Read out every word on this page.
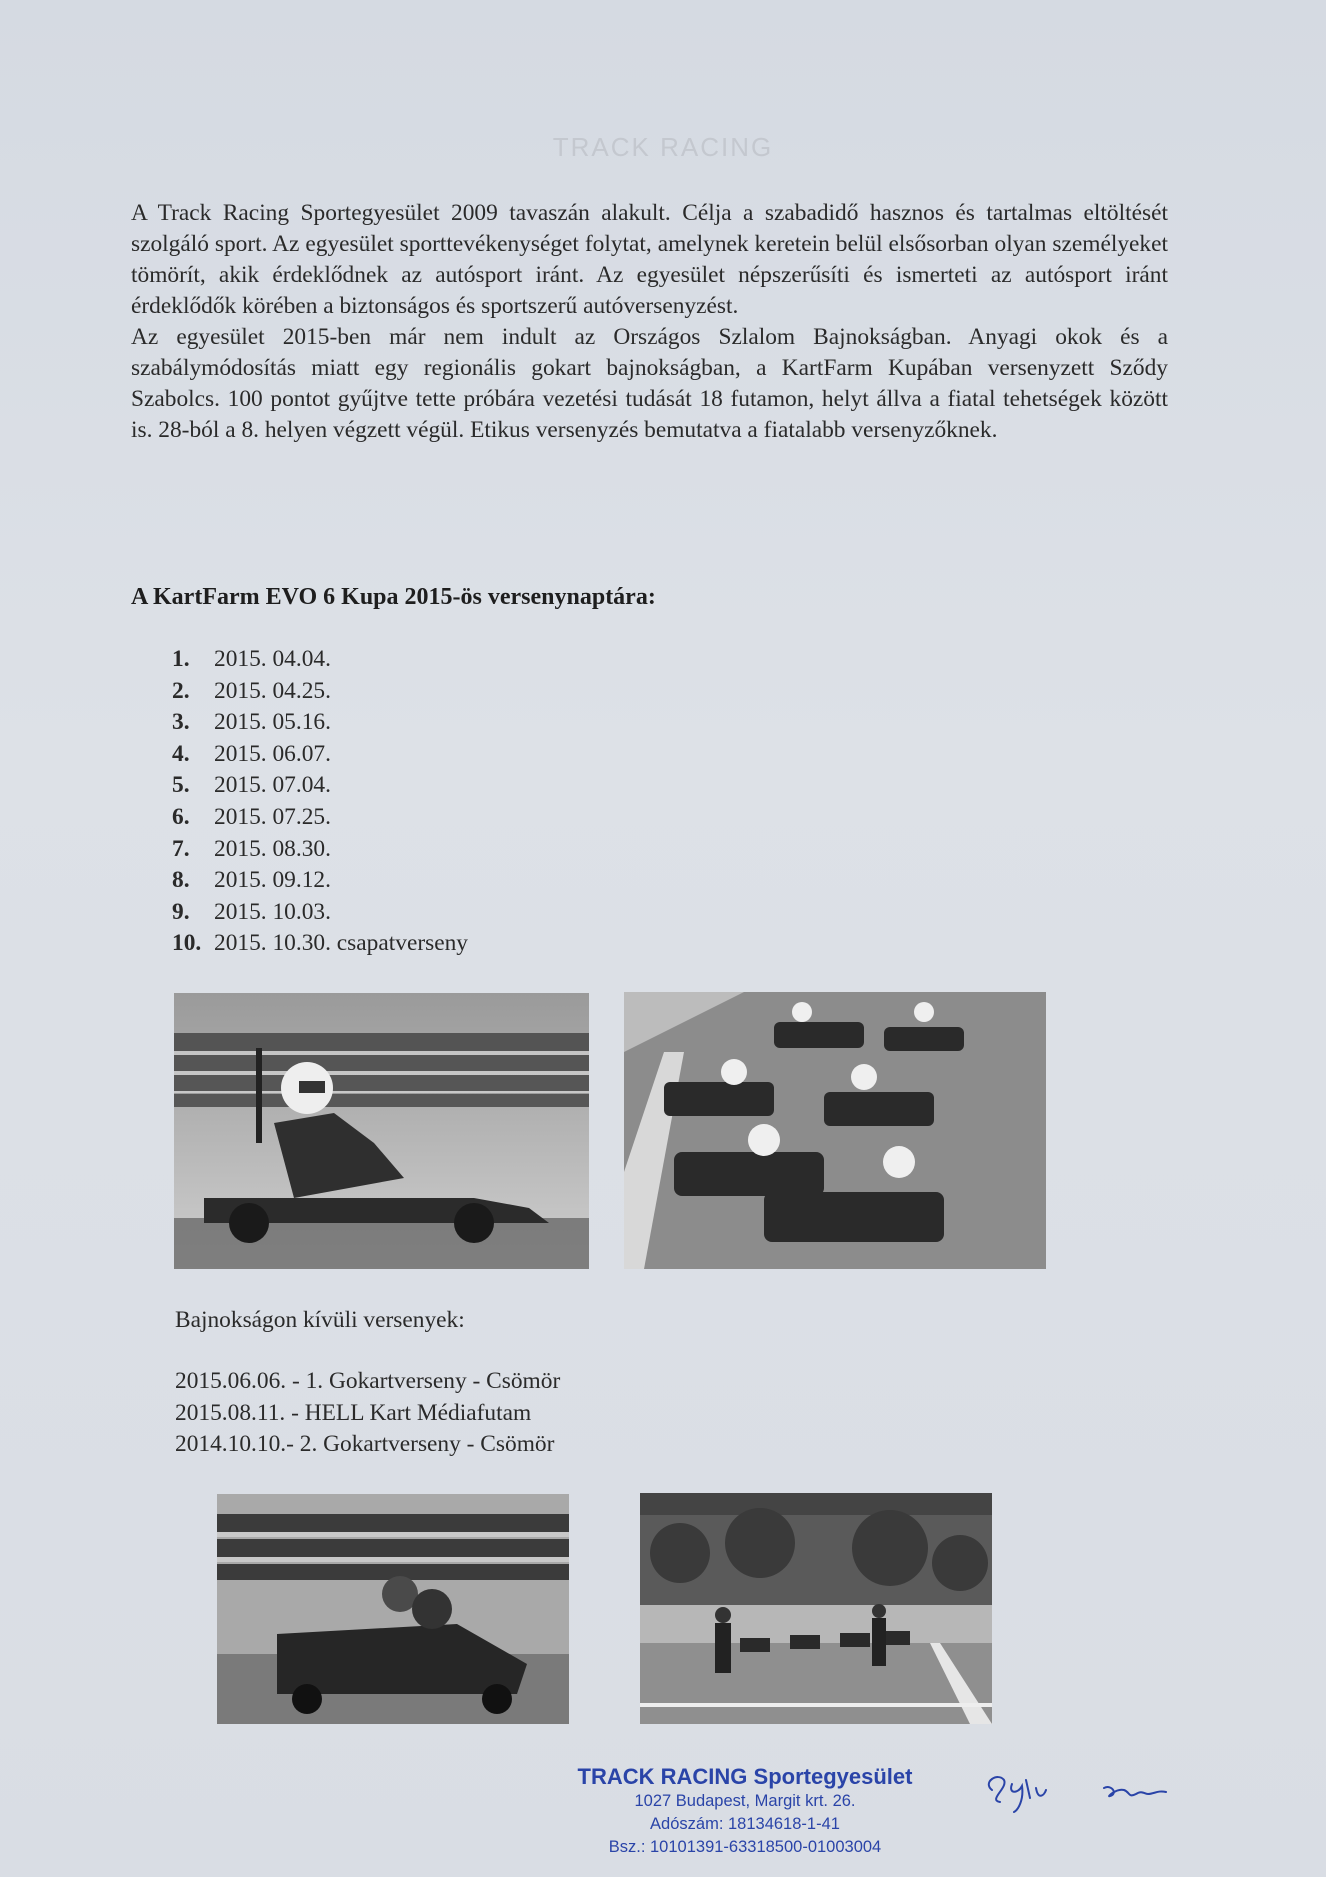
TRACK RACING

A Track Racing Sportegyesület 2009 tavaszán alakult. Célja a szabadidő hasznos és tartalmas eltöltését szolgáló sport. Az egyesület sporttevékenységet folytat, amelynek keretein belül elsősorban olyan személyeket tömörít, akik érdeklődnek az autósport iránt. Az egyesület népszerűsíti és ismerteti az autósport iránt érdeklődők körében a biztonságos és sportszerű autóversenyzést.

Az egyesület 2015-ben már nem indult az Országos Szlalom Bajnokságban. Anyagi okok és a szabálymódosítás miatt egy regionális gokart bajnokságban, a KartFarm Kupában versenyzett Sződy Szabolcs. 100 pontot gyűjtve tette próbára vezetési tudását 18 futamon, helyt állva a fiatal tehetségek között is. 28-ból a 8. helyen végzett végül. Etikus versenyzés bemutatva a fiatalabb versenyzőknek.

A KartFarm EVO 6 Kupa 2015-ös versenynaptára:
1. 2015. 04.04.
2. 2015. 04.25.
3. 2015. 05.16.
4. 2015. 06.07.
5. 2015. 07.04.
6. 2015. 07.25.
7. 2015. 08.30.
8. 2015. 09.12.
9. 2015. 10.03.
10. 2015. 10.30. csapatverseny
Bajnokságon kívüli versenyek:
2015.06.06. - 1. Gokartverseny - Csömör
2015.08.11. - HELL Kart Médiafutam
2014.10.10.- 2. Gokartverseny - Csömör
TRACK RACING Sportegyesület
1027 Budapest, Margit krt. 26.
Adószám: 18134618-1-41
Bsz.: 10101391-63318500-01003004
